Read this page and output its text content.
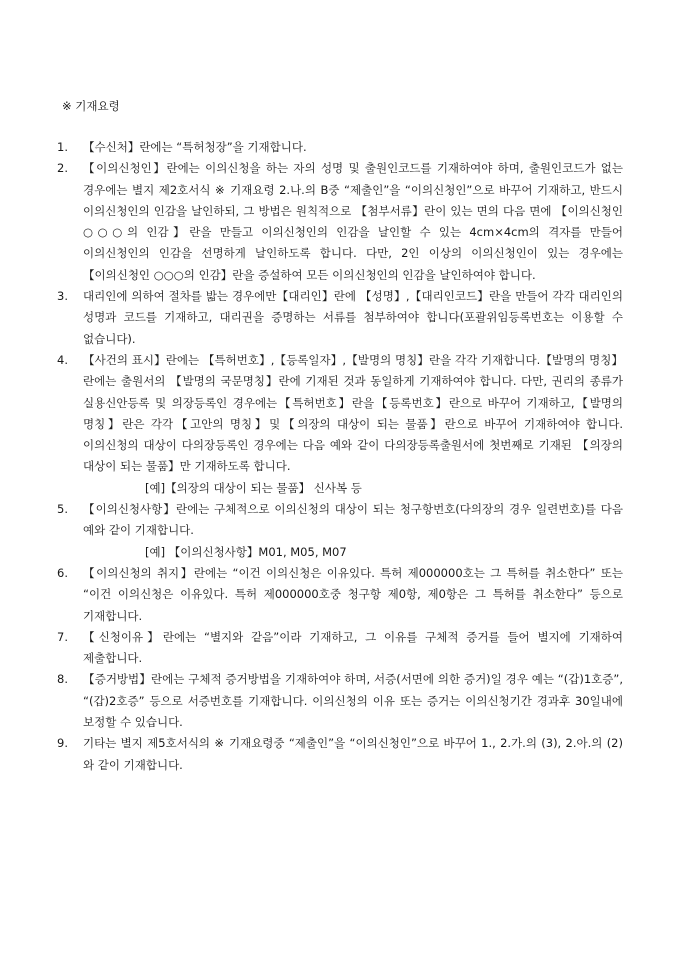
※ 기재요령
1.	【수신처】란에는 “특허청장”을 기재합니다.
2.	【이의신청인】란에는 이의신청을 하는 자의 성명 및 출원인코드를 기재하여야 하며, 출원인코드가 없는 경우에는 별지 제2호서식 ※ 기재요령 2.나.의 B중 “제출인”을 “이의신청인”으로 바꾸어 기재하고, 반드시 이의신청인의 인감을 날인하되, 그 방법은 원칙적으로 【첨부서류】란이 있는 면의 다음 면에 【이의신청인 ○○○의 인감】란을 만들고 이의신청인의 인감을 날인할 수 있는 4cm×4cm의 격자를 만들어 이의신청인의 인감을 선명하게 날인하도록 합니다. 다만, 2인 이상의 이의신청인이 있는 경우에는 【이의신청인 ○○○의 인감】란을 증설하여 모든 이의신청인의 인감을 날인하여야 합니다.
3.	대리인에 의하여 절차를 밟는 경우에만【대리인】란에 【성명】,【대리인코드】란을 만들어 각각 대리인의 성명과 코드를 기재하고, 대리권을 증명하는 서류를 첨부하여야 합니다(포괄위임등록번호는 이용할 수 없습니다).
4.	【사건의 표시】란에는 【특허번호】,【등록일자】,【발명의 명칭】란을 각각 기재합니다.【발명의 명칭】란에는 출원서의 【발명의 국문명칭】란에 기재된 것과 동일하게 기재하여야 합니다. 다만, 권리의 종류가 실용신안등록 및 의장등록인 경우에는【특허번호】란을【등록번호】란으로 바꾸어 기재하고,【발명의 명칭】란은 각각【고안의 명칭】및【의장의 대상이 되는 물품】란으로 바꾸어 기재하여야 합니다. 이의신청의 대상이 다의장등록인 경우에는 다음 예와 같이 다의장등록출원서에 첫번째로 기재된 【의장의 대상이 되는 물품】만 기재하도록 합니다.
[예]【의장의 대상이 되는 물품】 신사복 등
5.	【이의신청사항】란에는 구체적으로 이의신청의 대상이 되는 청구항번호(다의장의 경우 일련번호)를 다음 예와 같이 기재합니다.
[예] 【이의신청사항】M01, M05, M07
6.	【이의신청의 취지】란에는 “이건 이의신청은 이유있다. 특허 제000000호는 그 특허를 취소한다” 또는 “이건 이의신청은 이유있다. 특허 제000000호중 청구항 제0항, 제0항은 그 특허를 취소한다” 등으로 기재합니다.
7.	【신청이유】란에는 “별지와 같음”이라 기재하고, 그 이유를 구체적 증거를 들어 별지에 기재하여 제출합니다.
8.	【증거방법】란에는 구체적 증거방법을 기재하여야 하며, 서증(서면에 의한 증거)일 경우 예는 “(갑)1호증”, “(갑)2호증” 등으로 서증번호를 기재합니다. 이의신청의 이유 또는 증거는 이의신청기간 경과후 30일내에 보정할 수 있습니다.
9.	기타는 별지 제5호서식의 ※ 기재요령중 “제출인”을 “이의신청인”으로 바꾸어 1., 2.가.의 (3), 2.아.의 (2)와 같이 기재합니다.
